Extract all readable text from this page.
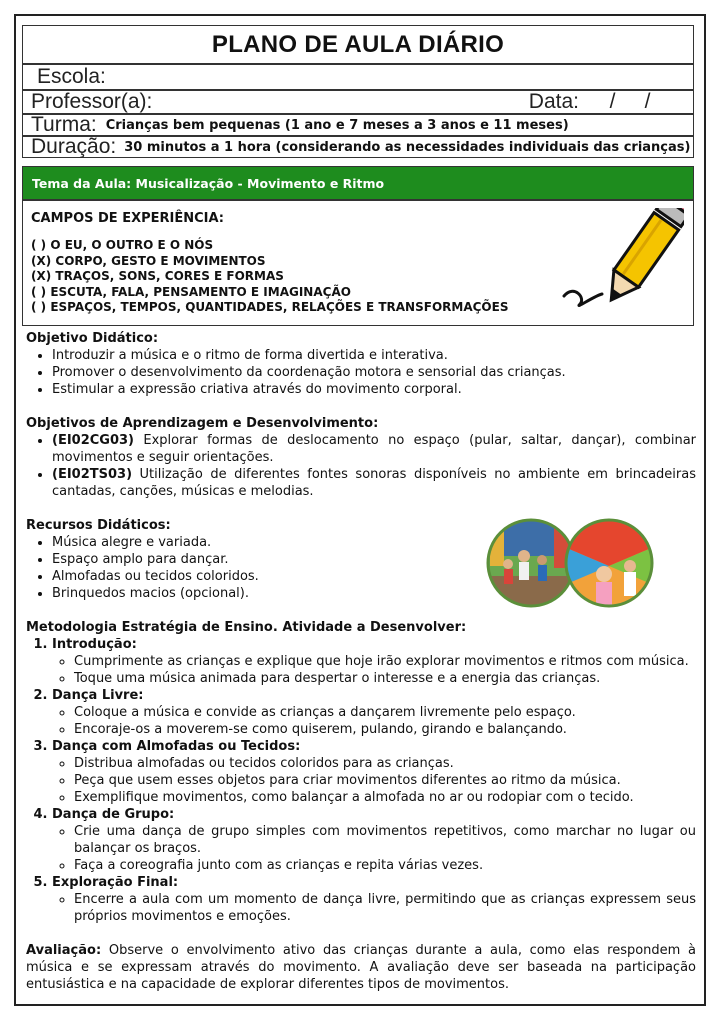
PLANO DE AULA DIÁRIO
Escola:
Professor(a):	Data:	/     /
Turma: Crianças bem pequenas (1 ano e 7 meses a 3 anos e 11 meses)
Duração: 30 minutos a 1 hora (considerando as necessidades individuais das crianças)
Tema da Aula: Musicalização - Movimento e Ritmo
CAMPOS DE EXPERIÊNCIA:
( ) O EU, O OUTRO E O NÓS
(X) CORPO, GESTO E MOVIMENTOS
(X) TRAÇOS, SONS, CORES E FORMAS
( ) ESCUTA, FALA, PENSAMENTO E IMAGINAÇÃO
( ) ESPAÇOS, TEMPOS, QUANTIDADES, RELAÇÕES E TRANSFORMAÇÕES

Objetivo Didático:

• Introduzir a música e o ritmo de forma divertida e interativa.
• Promover o desenvolvimento da coordenação motora e sensorial das crianças.
• Estimular a expressão criativa através do movimento corporal.

Objetivos de Aprendizagem e Desenvolvimento:

• (EI02CG03) Explorar formas de deslocamento no espaço (pular, saltar, dançar), combinar movimentos e seguir orientações.
• (EI02TS03) Utilização de diferentes fontes sonoras disponíveis no ambiente em brincadeiras cantadas, canções, músicas e melodias.

Recursos Didáticos:

• Música alegre e variada.
• Espaço amplo para dançar.
• Almofadas ou tecidos coloridos.
• Brinquedos macios (opcional).

Metodologia Estratégia de Ensino. Atividade a Desenvolver:

1. Introdução:
◦ Cumprimente as crianças e explique que hoje irão explorar movimentos e ritmos com música.
◦ Toque uma música animada para despertar o interesse e a energia das crianças.
2. Dança Livre:
◦ Coloque a música e convide as crianças a dançarem livremente pelo espaço.
◦ Encoraje-os a moverem-se como quiserem, pulando, girando e balançando.
3. Dança com Almofadas ou Tecidos:
◦ Distribua almofadas ou tecidos coloridos para as crianças.
◦ Peça que usem esses objetos para criar movimentos diferentes ao ritmo da música.
◦ Exemplifique movimentos, como balançar a almofada no ar ou rodopiar com o tecido.
4. Dança de Grupo:
◦ Crie uma dança de grupo simples com movimentos repetitivos, como marchar no lugar ou balançar os braços.
◦ Faça a coreografia junto com as crianças e repita várias vezes.
5. Exploração Final:
◦ Encerre a aula com um momento de dança livre, permitindo que as crianças expressem seus próprios movimentos e emoções.

Avaliação: Observe o envolvimento ativo das crianças durante a aula, como elas respondem à música e se expressam através do movimento. A avaliação deve ser baseada na participação entusiástica e na capacidade de explorar diferentes tipos de movimentos.
